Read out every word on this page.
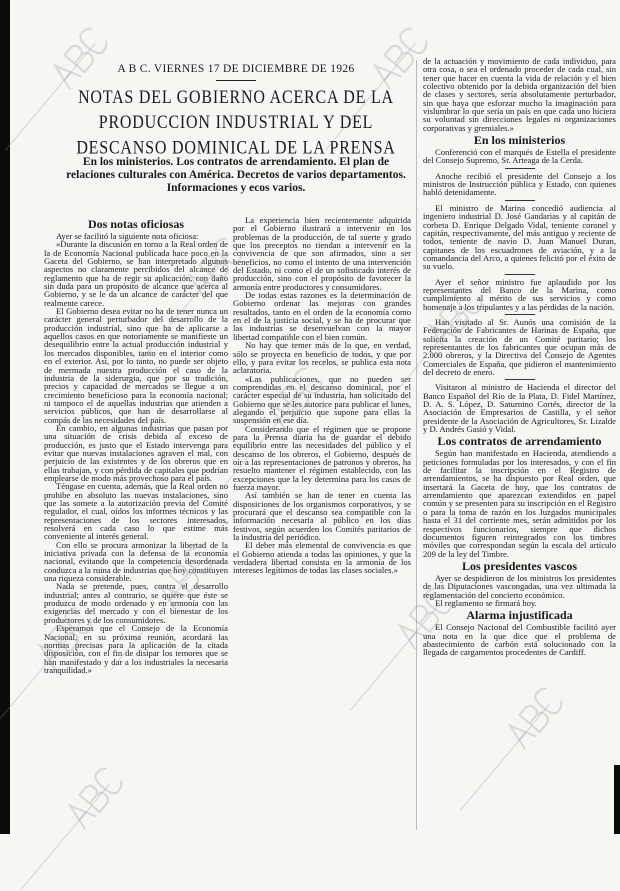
A B C. VIERNES 17 DE DICIEMBRE DE 1926
NOTAS DEL GOBIERNO ACERCA DE LA PRODUCCION INDUSTRIAL Y DEL DESCANSO DOMINICAL DE LA PRENSA
En los ministerios. Los contratos de arrendamiento. El plan de relaciones culturales con América. Decretos de varios departamentos. Informaciones y ecos varios.
Dos notas oficiosas

Ayer se facilitó la siguiente nota oficiosa:

«Durante la discusión en torno a la Real orden de la de Economía Nacional publicada hace poco en la Gaceta del Gobierno, se han interpretado algunos aspectos no claramente percibidos del alcance de reglamento que ha de regir su aplicación, con daño sin duda para un propósito de alcance que acerca al Gobierno, y se le da un alcance de carácter del que realmente carece.

El Gobierno desea evitar no ha de tener nunca un carácter general perturbador del desarrollo de la producción industrial, sino que ha de aplicarse a aquellos casos en que notoriamente se manifieste un desequilibrio entre la actual producción industrial y los mercados disponibles, tanto en el interior como en el exterior. Así, por lo tanto, no puede ser objeto de mermada nuestra producción el caso de la industria de la siderurgia, que por su tradición, precios y capacidad de mercados se llegue a un crecimiento beneficioso para la economía nacional; ni tampoco el de aquellas industrias que atienden a servicios públicos, que han de desarrollarse al compás de las necesidades del país.

En cambio, en algunas industrias que pasan por una situación de crisis debida al exceso de producción, es justo que el Estado intervenga para evitar que nuevas instalaciones agraven el mal, con perjuicio de las existentes y de los obreros que en ellas trabajan, y con pérdida de capitales que podrían emplearse de modo más provechoso para el país.

Téngase en cuenta, además, que la Real orden no prohibe en absoluto las nuevas instalaciones, sino que las somete a la autorización previa del Comité regulador, el cual, oídos los informes técnicos y las representaciones de los sectores interesados, resolverá en cada caso lo que estime más conveniente al interés general.

Con ello se procura armonizar la libertad de la iniciativa privada con la defensa de la economía nacional, evitando que la competencia desordenada conduzca a la ruina de industrias que hoy constituyen una riqueza considerable.

Nada se pretende, pues, contra el desarrollo industrial; antes al contrario, se quiere que éste se produzca de modo ordenado y en armonía con las exigencias del mercado y con el bienestar de los productores y de los consumidores.

Esperamos que el Consejo de la Economía Nacional, en su próxima reunión, acordará las normas precisas para la aplicación de la citada disposición, con el fin de disipar los temores que se han manifestado y dar a los industriales la necesaria tranquilidad.»

La experiencia bien recientemente adquirida por el Gobierno ilustrará a intervenir en los problemas de la producción, de tal suerte y grado que los preceptos no tiendan a intervenir en la convivencia de que son afirmados, sino a ser beneficios, no como el intento de una intervención del Estado, ni como el de un sofisticado interés de producción, sino con el propósito de favorecer la armonía entre productores y consumidores.

De todas estas razones es la determinación de Gobierno ordenar las mejoras con grandes resultados, tanto en el orden de la economía como en el de la justicia social, y se ha de procurar que las industrias se desenvuelvan con la mayor libertad compatible con el bien común.

No hay que temer más de lo que, en verdad, sólo se proyecta en beneficio de todos, y que por ello, y para evitar los recelos, se publica esta nota aclaratoria.

«Las publicaciones, que no pueden ser comprendidas en el descanso dominical, por el carácter especial de su industria, han solicitado del Gobierno que se les autorice para publicar el lunes, alegando el perjuicio que supone para ellas la suspensión en ese día.

Considerando que el régimen que se propone para la Prensa diaria ha de guardar el debido equilibrio entre las necesidades del público y el descanso de los obreros, el Gobierno, después de oír a las representaciones de patronos y obreros, ha resuelto mantener el régimen establecido, con las excepciones que la ley determina para los casos de fuerza mayor.

Así también se han de tener en cuenta las disposiciones de los organismos corporativos, y se procurará que el descanso sea compatible con la información necesaria al público en los días festivos, según acuerden los Comités paritarios de la industria del periódico.

El deber más elemental de convivencia es que el Gobierno atienda a todas las opiniones, y que la verdadera libertad consista en la armonía de los intereses legítimos de todas las clases sociales.»

de la actuación y movimiento de cada individuo, para otra cosa, o sea el ordenado proceder de cada cual, sin tener que hacer en cuenta la vida de relación y el bien colectivo obtenido por la debida organización del bien de clases y sectores, sería absolutamente perturbador, sin que haya que esforzar mucho la imaginación para vislumbrar lo que sería un país en que cada uno hiciera su voluntad sin direcciones legales ni organizaciones corporativas y gremiales.»

En los ministerios

Conferenció con el marqués de Estella el presidente del Consejo Supremo, Sr. Arteaga de la Cerda.

Anoche recibió el presidente del Consejo a los ministros de Instrucción pública y Estado, con quienes habló detenidamente.

El ministro de Marina concedió audiencia al ingeniero industrial D. José Gandarias y al capitán de corbeta D. Enrique Delgado Vidal, teniente coronel y capitán, respectivamente, del más antiguo y reciente de todos, teniente de navío D. Juan Manuel Duran, capitanes de los escuadrones de aviación, y a la comandancia del Arco, a quienes felicitó por el éxito de su vuelo.

Ayer el señor ministro fue aplaudido por los representantes del Banco de la Marina, como cumplimiento al mérito de sus servicios y como homenaje a los tripulantes y a las pérdidas de la nación.

Han visitado al Sr. Aunós una comisión de la Federación de Fabricantes de Harinas de España, que solicita la creación de un Comité paritario; los representantes de los fabricantes que ocupan más de 2.000 obreros, y la Directiva del Consejo de Agentes Comerciales de España, que pidieron el mantenimiento del decreto de enero.

Visitaron al ministro de Hacienda el director del Banco Español del Río de la Plata, D. Fidel Martínez, D. A. S. López, D. Saturnino Cortés, director de la Asociación de Empresarios de Castilla, y el señor presidente de la Asociación de Agricultores, Sr. Lizalde y D. Andrés Gasió y Vidal.

Los contratos de arrendamiento

Según han manifestado en Hacienda, atendiendo a peticiones formuladas por los interesados, y con el fin de facilitar la inscripción en el Registro de arrendamientos, se ha dispuesto por Real orden, que insertará la Gaceta de hoy, que los contratos de arrendamiento que aparezcan extendidos en papel común y se presenten para su inscripción en el Registro o para la toma de razón en los Juzgados municipales hasta el 31 del corriente mes, serán admitidos por los respectivos funcionarios, siempre que dichos documentos figuren reintegrados con los timbres móviles que correspondan según la escala del artículo 209 de la ley del Timbre.

Los presidentes vascos

Ayer se despidieron de los ministros los presidentes de las Diputaciones vascongadas, una vez ultimada la reglamentación del concierto económico.

El reglamento se firmará hoy.

Alarma injustificada

El Consejo Nacional del Combustible facilitó ayer una nota en la que dice que el problema de abastecimiento de carbón está solucionado con la llegada de cargamentos procedentes de Cardiff.
